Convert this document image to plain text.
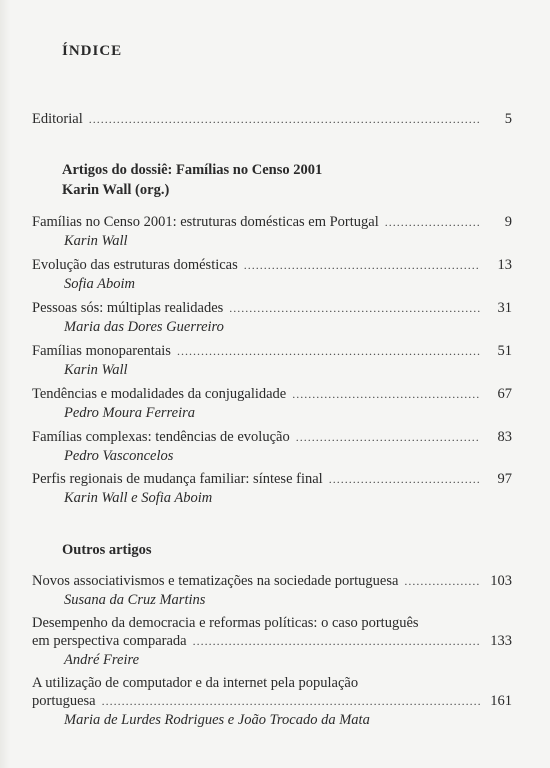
ÍNDICE
Editorial .....	5
Artigos do dossiê: Famílias no Censo 2001
Karin Wall (org.)
Famílias no Censo 2001: estruturas domésticas em Portugal .....	9
Karin Wall
Evolução das estruturas domésticas .....	13
Sofia Aboim
Pessoas sós: múltiplas realidades .....	31
Maria das Dores Guerreiro
Famílias monoparentais .....	51
Karin Wall
Tendências e modalidades da conjugalidade .....	67
Pedro Moura Ferreira
Famílias complexas: tendências de evolução .....	83
Pedro Vasconcelos
Perfis regionais de mudança familiar: síntese final .....	97
Karin Wall e Sofia Aboim
Outros artigos
Novos associativismos e tematizações na sociedade portuguesa .....	103
Susana da Cruz Martins
Desempenho da democracia e reformas políticas: o caso português
em perspectiva comparada .....	133
André Freire
A utilização de computador e da internet pela população
portuguesa .....	161
Maria de Lurdes Rodrigues e João Trocado da Mata
